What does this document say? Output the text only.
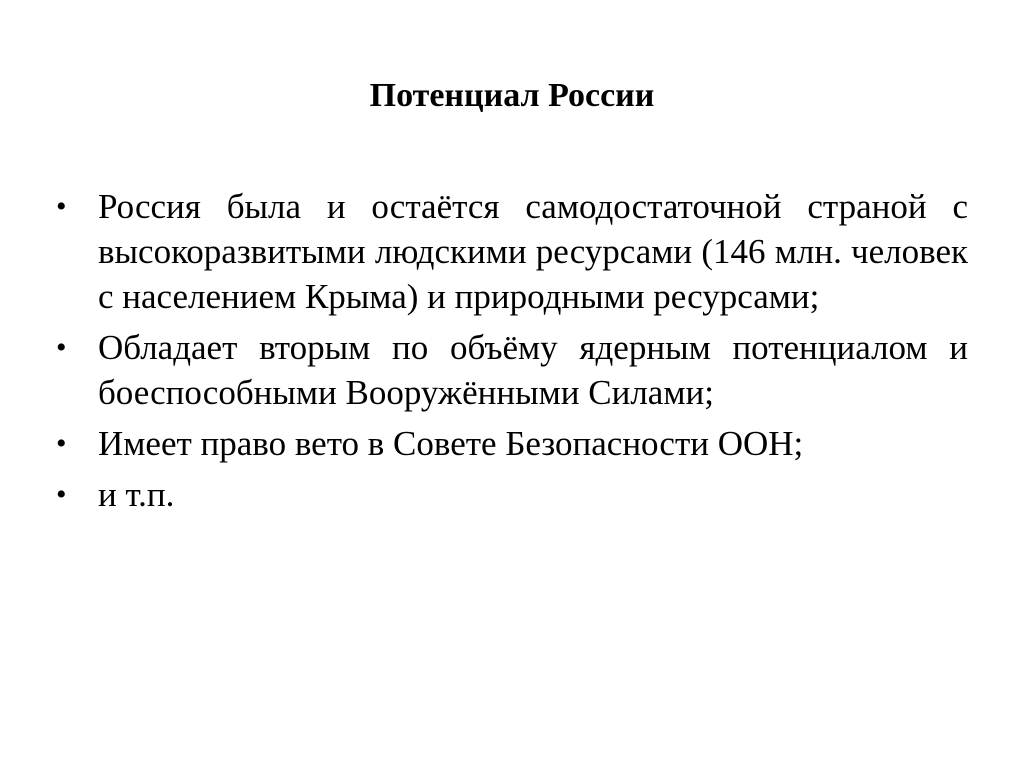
Потенциал России
• Россия была и остаётся самодостаточной страной с высокоразвитыми людскими ресурсами (146 млн. человек с населением Крыма) и природными ресурсами;
• Обладает вторым по объёму ядерным потенциалом и боеспособными Вооружёнными Силами;
• Имеет право вето в Совете Безопасности ООН;
• и т.п.
